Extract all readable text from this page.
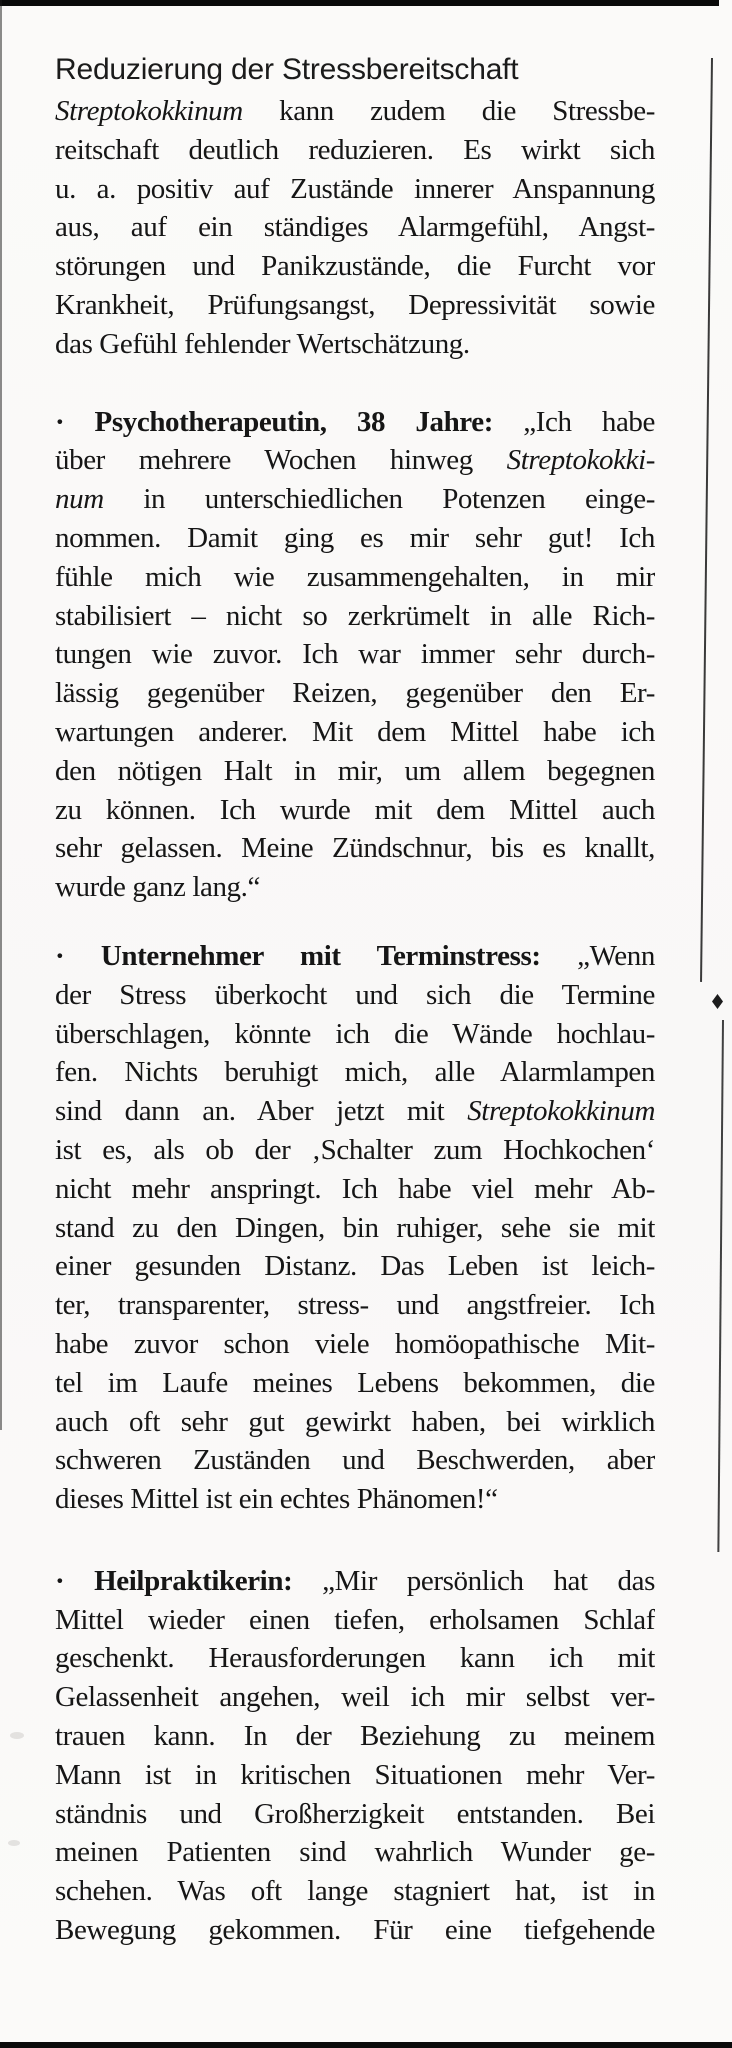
Reduzierung der Stressbereitschaft
Streptokokkinum kann zudem die Stressbe-
reitschaft deutlich reduzieren. Es wirkt sich
u. a. positiv auf Zustände innerer Anspannung
aus, auf ein ständiges Alarmgefühl, Angst-
störungen und Panikzustände, die Furcht vor
Krankheit, Prüfungsangst, Depressivität sowie
das Gefühl fehlender Wertschätzung.
· Psychotherapeutin, 38 Jahre: „Ich habe
über mehrere Wochen hinweg Streptokokki-
num in unterschiedlichen Potenzen einge-
nommen. Damit ging es mir sehr gut! Ich
fühle mich wie zusammengehalten, in mir
stabilisiert – nicht so zerkrümelt in alle Rich-
tungen wie zuvor. Ich war immer sehr durch-
lässig gegenüber Reizen, gegenüber den Er-
wartungen anderer. Mit dem Mittel habe ich
den nötigen Halt in mir, um allem begegnen
zu können. Ich wurde mit dem Mittel auch
sehr gelassen. Meine Zündschnur, bis es knallt,
wurde ganz lang.“
· Unternehmer mit Terminstress: „Wenn
der Stress überkocht und sich die Termine
überschlagen, könnte ich die Wände hochlau-
fen. Nichts beruhigt mich, alle Alarmlampen
sind dann an. Aber jetzt mit Streptokokkinum
ist es, als ob der ‚Schalter zum Hochkochen‘
nicht mehr anspringt. Ich habe viel mehr Ab-
stand zu den Dingen, bin ruhiger, sehe sie mit
einer gesunden Distanz. Das Leben ist leich-
ter, transparenter, stress- und angstfreier. Ich
habe zuvor schon viele homöopathische Mit-
tel im Laufe meines Lebens bekommen, die
auch oft sehr gut gewirkt haben, bei wirklich
schweren Zuständen und Beschwerden, aber
dieses Mittel ist ein echtes Phänomen!“
· Heilpraktikerin: „Mir persönlich hat das
Mittel wieder einen tiefen, erholsamen Schlaf
geschenkt. Herausforderungen kann ich mit
Gelassenheit angehen, weil ich mir selbst ver-
trauen kann. In der Beziehung zu meinem
Mann ist in kritischen Situationen mehr Ver-
ständnis und Großherzigkeit entstanden. Bei
meinen Patienten sind wahrlich Wunder ge-
schehen. Was oft lange stagniert hat, ist in
Bewegung gekommen. Für eine tiefgehende
